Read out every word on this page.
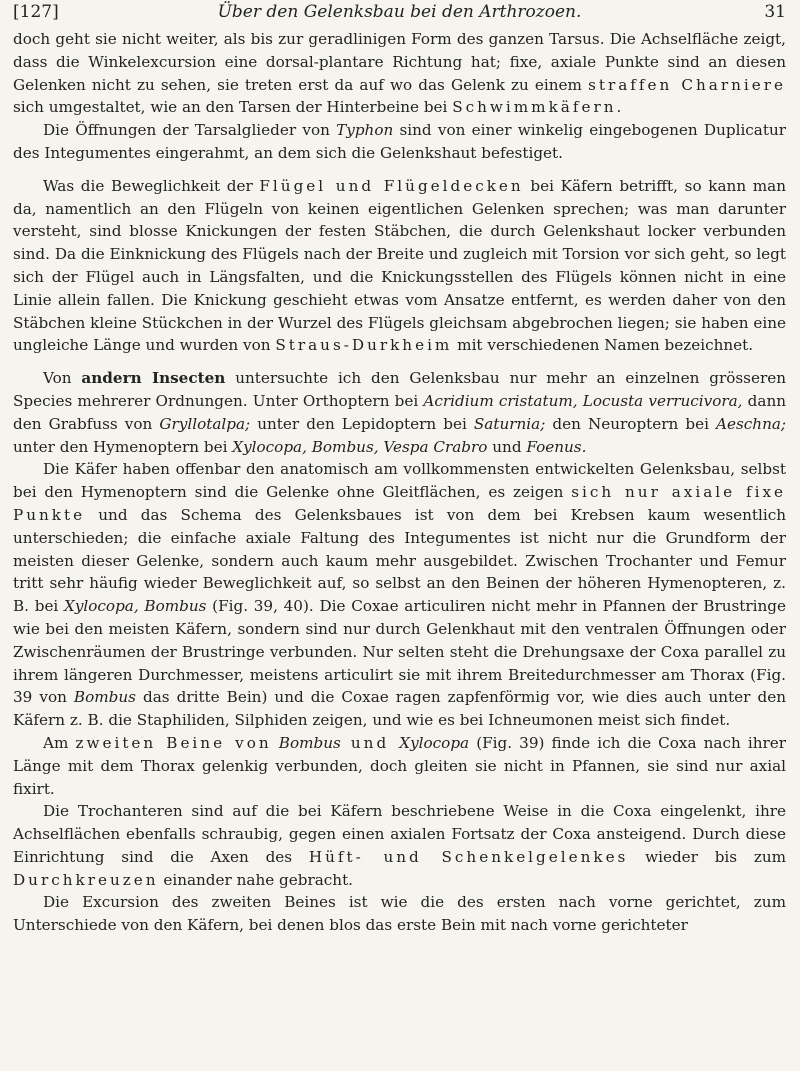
[127]	Über den Gelenksbau bei den Arthrozoen.	31

doch geht sie nicht weiter, als bis zur geradlinigen Form des ganzen Tarsus. Die Achselfläche zeigt, dass die Winkelexcursion eine dorsal-plantare Richtung hat; fixe, axiale Punkte sind an diesen Gelenken nicht zu sehen, sie treten erst da auf wo das Gelenk zu einem straffen Charniere sich umgestaltet, wie an den Tarsen der Hinterbeine bei Schwimmkäfern.

Die Öffnungen der Tarsalglieder von Typhon sind von einer winkelig eingebogenen Duplicatur des Integumentes eingerahmt, an dem sich die Gelenkshaut befestiget.

Was die Beweglichkeit der Flügel und Flügeldecken bei Käfern betrifft, so kann man da, namentlich an den Flügeln von keinen eigentlichen Gelenken sprechen; was man darunter versteht, sind blosse Knickungen der festen Stäbchen, die durch Gelenkshaut locker verbunden sind. Da die Einknickung des Flügels nach der Breite und zugleich mit Torsion vor sich geht, so legt sich der Flügel auch in Längsfalten, und die Knickungsstellen des Flügels können nicht in eine Linie allein fallen. Die Knickung geschieht etwas vom Ansatze entfernt, es werden daher von den Stäbchen kleine Stückchen in der Wurzel des Flügels gleichsam abgebrochen liegen; sie haben eine ungleiche Länge und wurden von Straus-Durkheim mit verschiedenen Namen bezeichnet.

Von andern Insecten untersuchte ich den Gelenksbau nur mehr an einzelnen grösseren Species mehrerer Ordnungen. Unter Orthoptern bei Acridium cristatum, Locusta verrucivora, dann den Grabfuss von Gryllotalpa; unter den Lepidoptern bei Saturnia; den Neuroptern bei Aeschna; unter den Hymenoptern bei Xylocopa, Bombus, Vespa Crabro und Foenus.

Die Käfer haben offenbar den anatomisch am vollkommensten entwickelten Gelenksbau, selbst bei den Hymenoptern sind die Gelenke ohne Gleitflächen, es zeigen sich nur axiale fixe Punkte und das Schema des Gelenksbaues ist von dem bei Krebsen kaum wesentlich unterschieden; die einfache axiale Faltung des Integumentes ist nicht nur die Grundform der meisten dieser Gelenke, sondern auch kaum mehr ausgebildet. Zwischen Trochanter und Femur tritt sehr häufig wieder Beweglichkeit auf, so selbst an den Beinen der höheren Hymenopteren, z. B. bei Xylocopa, Bombus (Fig. 39, 40). Die Coxae articuliren nicht mehr in Pfannen der Brustringe wie bei den meisten Käfern, sondern sind nur durch Gelenkhaut mit den ventralen Öffnungen oder Zwischenräumen der Brustringe verbunden. Nur selten steht die Drehungsaxe der Coxa parallel zu ihrem längeren Durchmesser, meistens articulirt sie mit ihrem Breitedurchmesser am Thorax (Fig. 39 von Bombus das dritte Bein) und die Coxae ragen zapfenförmig vor, wie dies auch unter den Käfern z. B. die Staphiliden, Silphiden zeigen, und wie es bei Ichneumonen meist sich findet.

Am zweiten Beine von Bombus und Xylocopa (Fig. 39) finde ich die Coxa nach ihrer Länge mit dem Thorax gelenkig verbunden, doch gleiten sie nicht in Pfannen, sie sind nur axial fixirt.

Die Trochanteren sind auf die bei Käfern beschriebene Weise in die Coxa eingelenkt, ihre Achselflächen ebenfalls schraubig, gegen einen axialen Fortsatz der Coxa ansteigend. Durch diese Einrichtung sind die Axen des Hüft- und Schenkelgelenkes wieder bis zum Durchkreuzen einander nahe gebracht.

Die Excursion des zweiten Beines ist wie die des ersten nach vorne gerichtet, zum Unterschiede von den Käfern, bei denen blos das erste Bein mit nach vorne gerichteter
